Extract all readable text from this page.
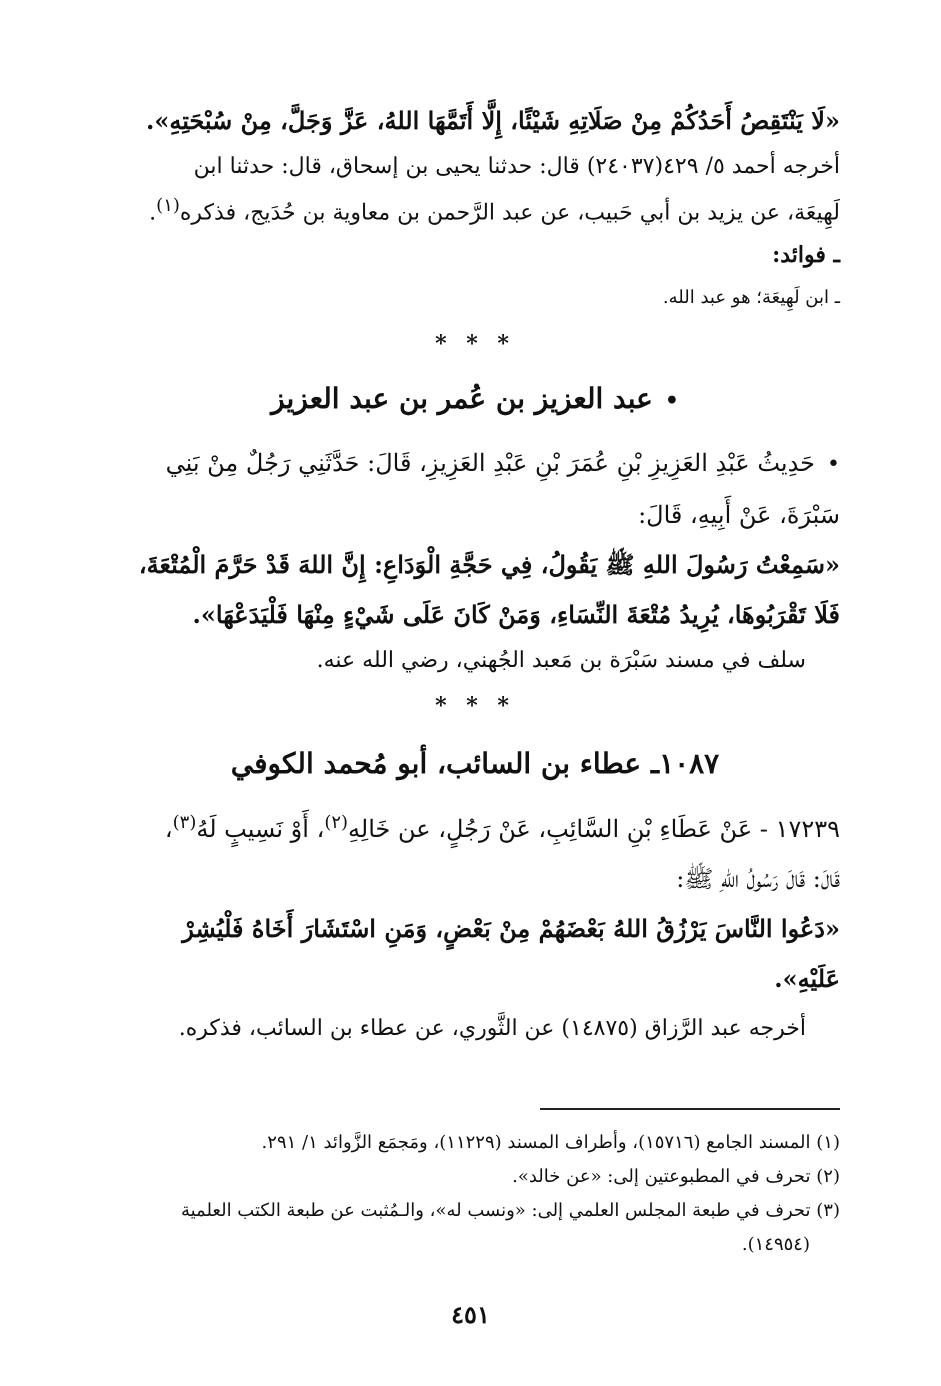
«لَا يَنْتَقِصُ أَحَدُكُمْ مِنْ صَلَاتِهِ شَيْئًا، إِلَّا أَتَمَّهَا اللهُ، عَزَّ وَجَلَّ، مِنْ سُبْحَتِهِ».

أخرجه أحمد ٥/ ٤٢٩(٢٤٠٣٧) قال: حدثنا يحيى بن إسحاق، قال: حدثنا ابن

لَهِيعَة، عن يزيد بن أبي حَبيب، عن عبد الرَّحمن بن معاوية بن حُدَيج، فذكره$^{(١)}$.

ـ فوائد:

ـ ابن لَهِيعَة؛ هو عبد الله.

* * *
•عبد العزيز بن عُمر بن عبد العزيز

•حَدِيثُ عَبْدِ العَزِيزِ بْنِ عُمَرَ بْنِ عَبْدِ العَزِيزِ، قَالَ: حَدَّثَنِي رَجُلٌ مِنْ بَنِي

سَبْرَةَ، عَنْ أَبِيهِ، قَالَ:

«سَمِعْتُ رَسُولَ اللهِ ﷺ يَقُولُ، فِي حَجَّةِ الْوَدَاعِ: إِنَّ اللهَ قَدْ حَرَّمَ الْمُتْعَةَ،

فَلَا تَقْرَبُوهَا، يُرِيدُ مُتْعَةَ النِّسَاءِ، وَمَنْ كَانَ عَلَى شَيْءٍ مِنْهَا فَلْيَدَعْهَا».

سلف في مسند سَبْرَة بن مَعبد الجُهني، رضي الله عنه.

* * *
١٠٨٧ـ عطاء بن السائب، أبو مُحمد الكوفي

١٧٢٣٩ - عَنْ عَطَاءِ بْنِ السَّائِبِ، عَنْ رَجُلٍ، عن خَالِهِ$^{(٢)}$، أَوْ نَسِيبٍ لَهُ$^{(٣)}$،

قَالَ: قَالَ رَسُولُ اللهِ ﷺ:

«دَعُوا النَّاسَ يَرْزُقُ اللهُ بَعْضَهُمْ مِنْ بَعْضٍ، وَمَنِ اسْتَشَارَ أَخَاهُ فَلْيُشِرْ

عَلَيْهِ».

أخرجه عبد الرَّزاق (١٤٨٧٥) عن الثَّوري، عن عطاء بن السائب، فذكره.

(١) المسند الجامع (١٥٧١٦)، وأطراف المسند (١١٢٢٩)، ومَجمَع الزَّوائد ١/ ٢٩١.

(٢) تحرف في المطبوعتين إلى: «عن خالد».

(٣) تحرف في طبعة المجلس العلمي إلى: «ونسب له»، والـمُثبت عن طبعة الكتب العلمية

(١٤٩٥٤).

٤٥١
